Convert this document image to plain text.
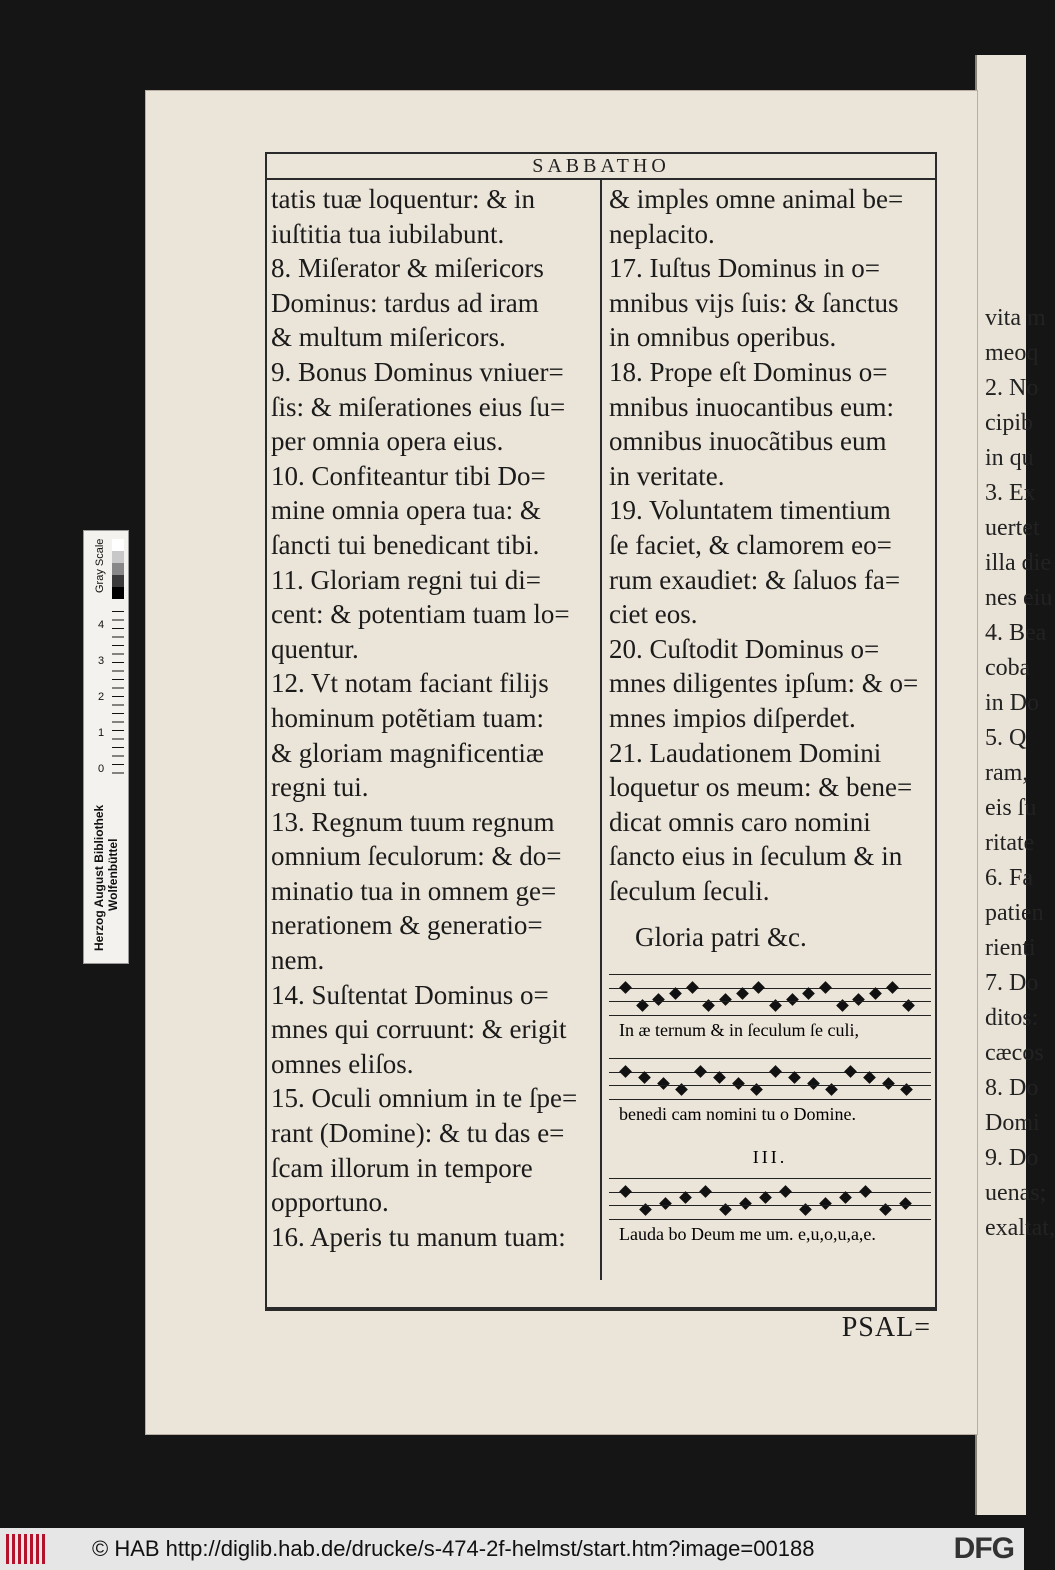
vita m
meoq
2. No
cipib
in qu
3. Ex
uertet
illa die
nes eiu
4. Bea
coba
in Do
5. Q
ram,
eis ſu
ritate
6. Fa
patien
rienti
7. Do
ditos:
cæcos
8. Do
Domi
9. Do
uenas;
exaltat,
Gray Scale
0
1
2
3
4
Herzog August Bibliothek Wolfenbüttel
SABBATHO
tatis tuæ loquentur: & in
iuſtitia tua iubilabunt.
8. Miſerator & miſericors
Dominus: tardus ad iram
& multum miſericors.
9. Bonus Dominus vniuer=
ſis: & miſerationes eius ſu=
per omnia opera eius.
10. Confiteantur tibi Do=
mine omnia opera tua: &
ſancti tui benedicant tibi.
11. Gloriam regni tui di=
cent: & potentiam tuam lo=
quentur.
12. Vt notam faciant filijs
hominum potẽtiam tuam:
& gloriam magnificentiæ
regni tui.
13. Regnum tuum regnum
omnium ſeculorum: & do=
minatio tua in omnem ge=
nerationem & generatio=
nem.
14. Suſtentat Dominus o=
mnes qui corruunt: & erigit
omnes eliſos.
15. Oculi omnium in te ſpe=
rant (Domine): & tu das e=
ſcam illorum in tempore
opportuno.
16. Aperis tu manum tuam:
& imples omne animal be=
neplacito.
17. Iuſtus Dominus in o=
mnibus vijs ſuis: & ſanctus
in omnibus operibus.
18. Prope eſt Dominus o=
mnibus inuocantibus eum:
omnibus inuocãtibus eum
in veritate.
19. Voluntatem timentium
ſe faciet, & clamorem eo=
rum exaudiet: & ſaluos fa=
ciet eos.
20. Cuſtodit Dominus o=
mnes diligentes ipſum: & o=
mnes impios diſperdet.
21. Laudationem Domini
loquetur os meum: & bene=
dicat omnis caro nomini
ſancto eius in ſeculum & in
ſeculum ſeculi.
Gloria patri &c.
In æ ternum & in ſeculum ſe culi,
benedi cam nomini tu o Domine.
III.
Lauda bo Deum me um. e,u,o,u,a,e.
PSAL=
© HAB http://diglib.hab.de/drucke/s-474-2f-helmst/start.htm?image=00188	DFG
